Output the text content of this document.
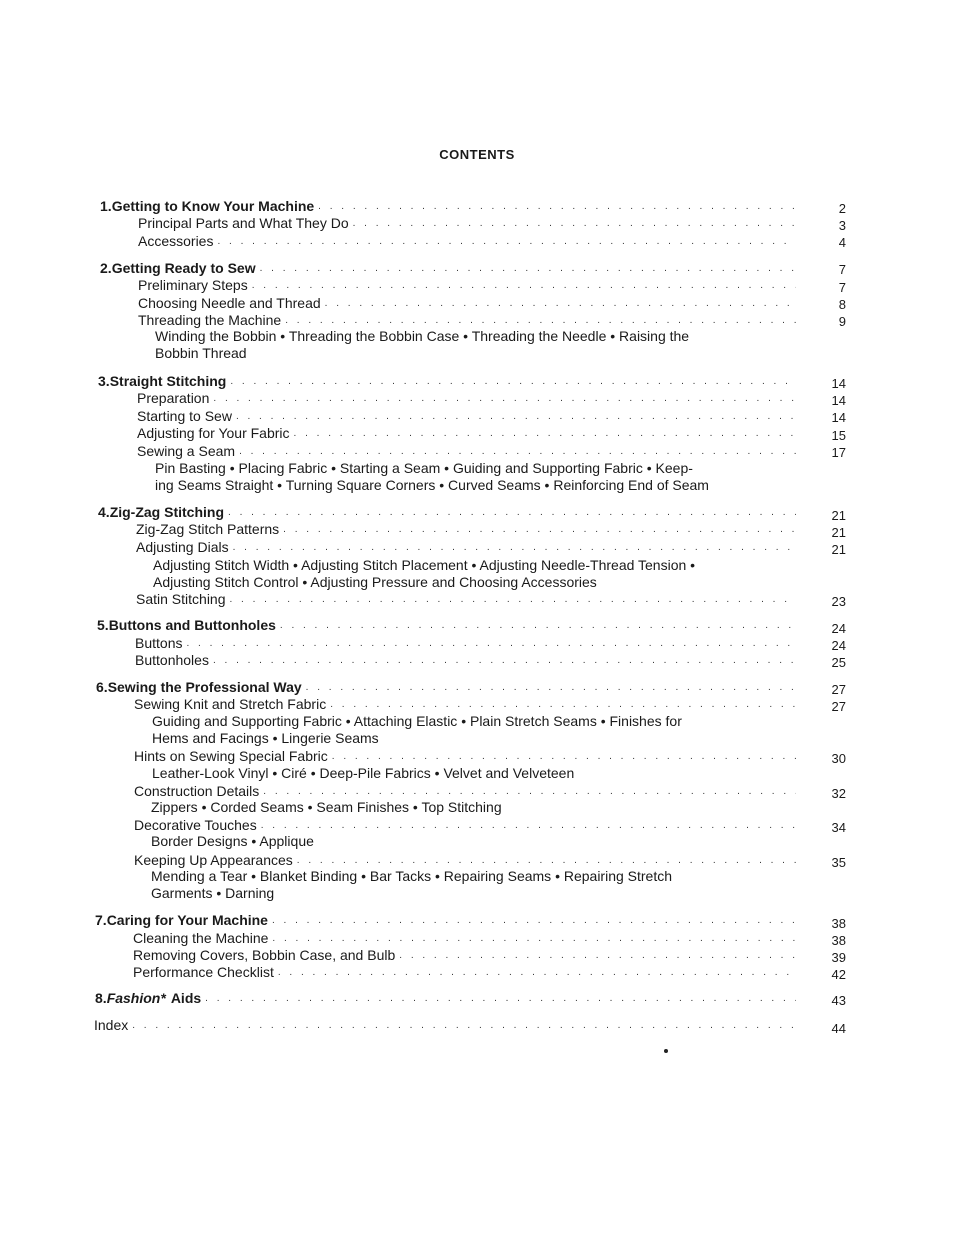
CONTENTS
1. Getting to Know Your Machine . . .	2
Principal Parts and What They Do . . .	3
Accessories . . .	4
2. Getting Ready to Sew . . .	7
Preliminary Steps . . .	7
Choosing Needle and Thread . . .	8
Threading the Machine . . .	9
Winding the Bobbin • Threading the Bobbin Case • Threading the Needle • Raising the
Bobbin Thread
3. Straight Stitching . . .	14
Preparation . . .	14
Starting to Sew . . .	14
Adjusting for Your Fabric . . .	15
Sewing a Seam . . .	17
Pin Basting • Placing Fabric • Starting a Seam • Guiding and Supporting Fabric • Keep-
ing Seams Straight • Turning Square Corners • Curved Seams • Reinforcing End of Seam
4. Zig-Zag Stitching . . .	21
Zig-Zag Stitch Patterns . . .	21
Adjusting Dials . . .	21
Adjusting Stitch Width • Adjusting Stitch Placement • Adjusting Needle-Thread Tension •
Adjusting Stitch Control • Adjusting Pressure and Choosing Accessories
Satin Stitching . . .	23
5. Buttons and Buttonholes . . .	24
Buttons . . .	24
Buttonholes . . .	25
6. Sewing the Professional Way . . .	27
Sewing Knit and Stretch Fabric . . .	27
Guiding and Supporting Fabric • Attaching Elastic • Plain Stretch Seams • Finishes for
Hems and Facings • Lingerie Seams
Hints on Sewing Special Fabric . . .	30
Leather-Look Vinyl • Ciré • Deep-Pile Fabrics • Velvet and Velveteen
Construction Details . . .	32
Zippers • Corded Seams • Seam Finishes • Top Stitching
Decorative Touches . . .	34
Border Designs • Applique
Keeping Up Appearances . . .	35
Mending a Tear • Blanket Binding • Bar Tacks • Repairing Seams • Repairing Stretch
Garments • Darning
7. Caring for Your Machine . . .	38
Cleaning the Machine . . .	38
Removing Covers, Bobbin Case, and Bulb . . .	39
Performance Checklist . . .	42
8. Fashion* Aids . . .	43
Index . . .	44
